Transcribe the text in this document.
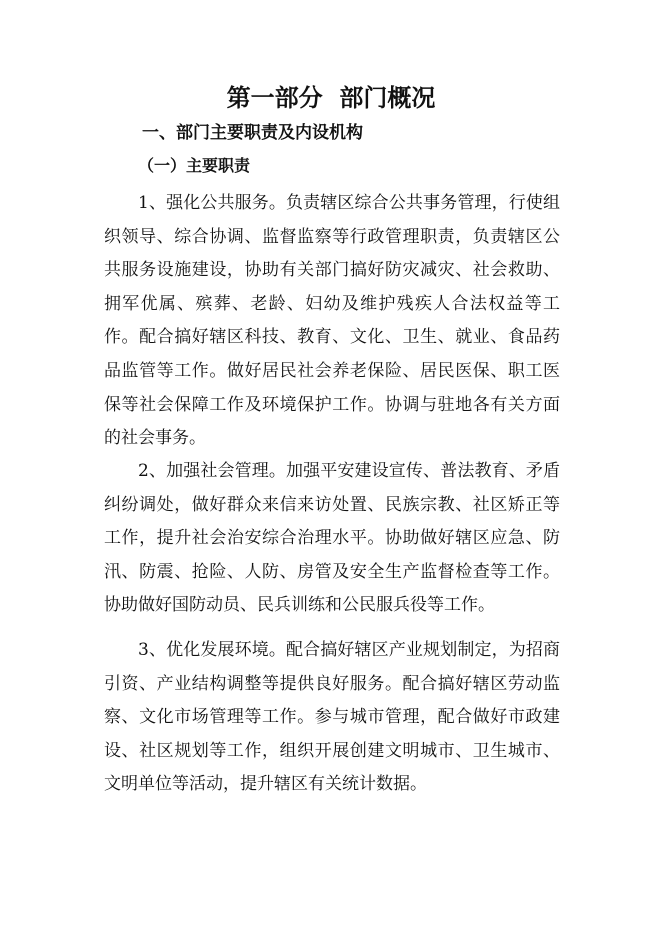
第一部分  部门概况
一、部门主要职责及内设机构
（一）主要职责

1、强化公共服务。负责辖区综合公共事务管理，行使组织领导、综合协调、监督监察等行政管理职责，负责辖区公共服务设施建设，协助有关部门搞好防灾减灾、社会救助、拥军优属、殡葬、老龄、妇幼及维护残疾人合法权益等工作。配合搞好辖区科技、教育、文化、卫生、就业、食品药品监管等工作。做好居民社会养老保险、居民医保、职工医保等社会保障工作及环境保护工作。协调与驻地各有关方面的社会事务。

2、加强社会管理。加强平安建设宣传、普法教育、矛盾纠纷调处，做好群众来信来访处置、民族宗教、社区矫正等工作，提升社会治安综合治理水平。协助做好辖区应急、防汛、防震、抢险、人防、房管及安全生产监督检查等工作。协助做好国防动员、民兵训练和公民服兵役等工作。

3、优化发展环境。配合搞好辖区产业规划制定，为招商引资、产业结构调整等提供良好服务。配合搞好辖区劳动监察、文化市场管理等工作。参与城市管理，配合做好市政建设、社区规划等工作，组织开展创建文明城市、卫生城市、文明单位等活动，提升辖区有关统计数据。
